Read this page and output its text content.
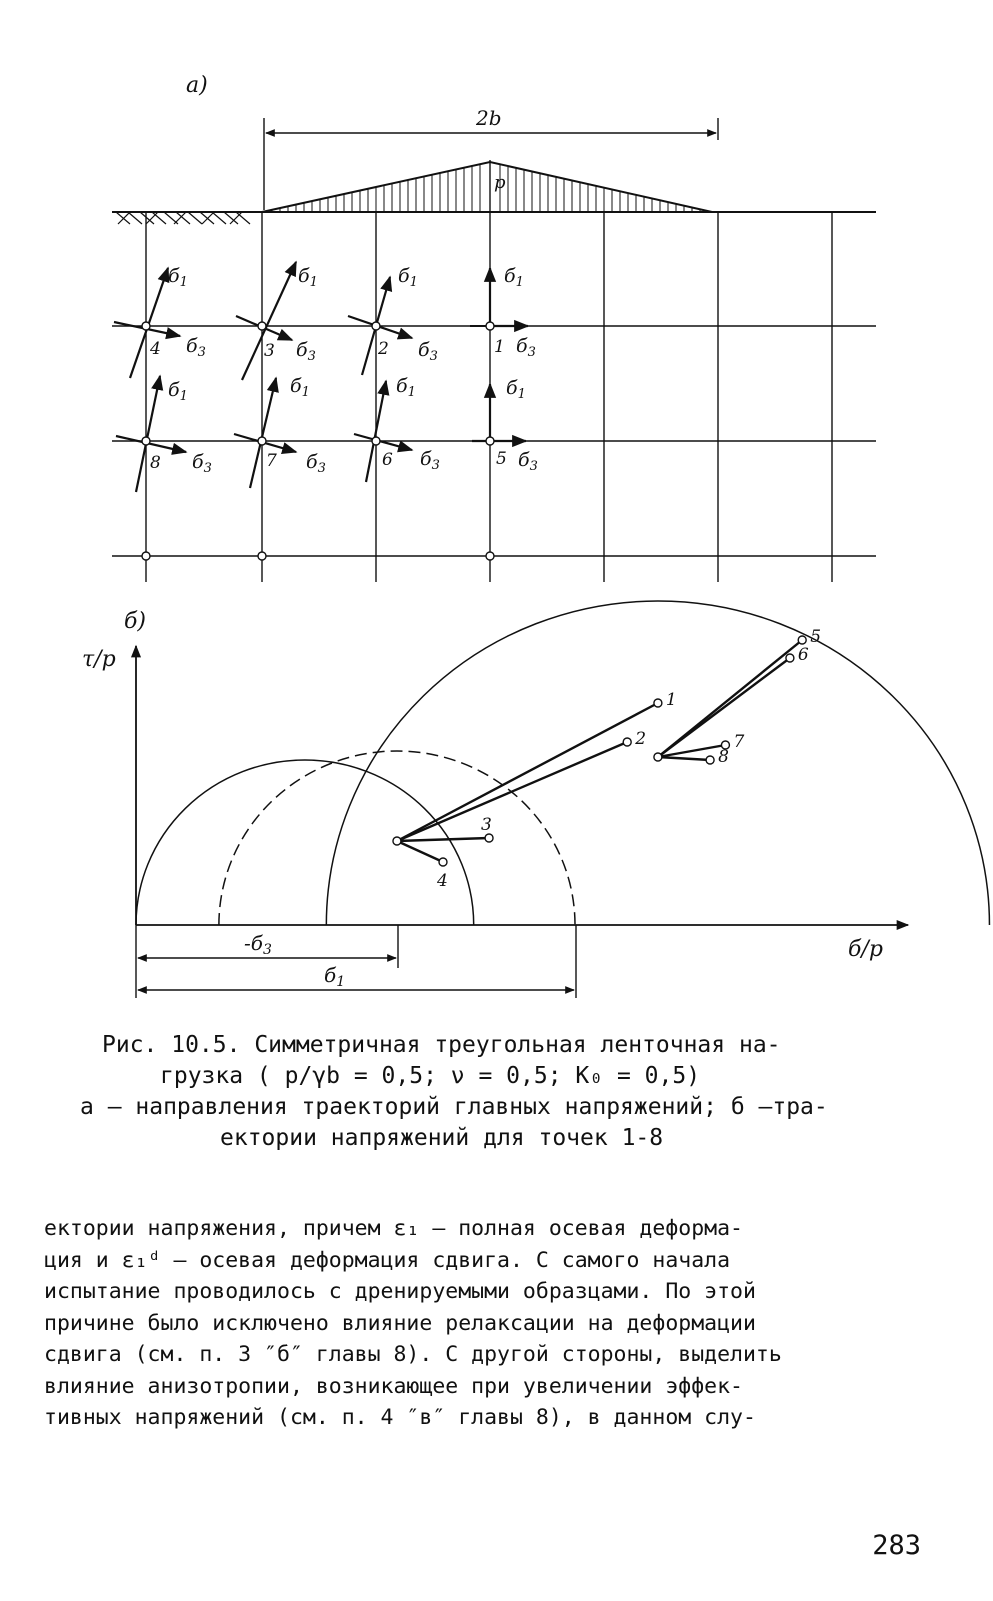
а)
2b
p
$б_1$
1 $б_3$
$б_1$
2 $б_3$
$б_1$
3 $б_3$
$б_1$
4 $б_3$
$б_1$
5 $б_3$
$б_1$
6 $б_3$
$б_1$
7 $б_3$
$б_1$
8 $б_3$
б)
τ/p
б/p
1
2
3
4
5
6
7
8
$-б_3$
$б_1$
Рис. 10.5. Симметричная треугольная ленточная на-
грузка ( p/γb = 0,5; ν = 0,5; K₀ = 0,5)
а – направления траекторий главных напряжений; б –тра-
ектории напряжений для точек 1-8
ектории напряжения, причем ε₁ – полная осевая деформа-
ция и ε₁ᵈ – осевая деформация сдвига. С самого начала
испытание проводилось с дренируемыми образцами. По этой
причине было исключено влияние релаксации на деформации
сдвига (см. п. 3 ″б″ главы 8). С другой стороны, выделить
влияние анизотропии, возникающее при увеличении эффек-
тивных напряжений (см. п. 4 ″в″ главы 8), в данном слу-
283
